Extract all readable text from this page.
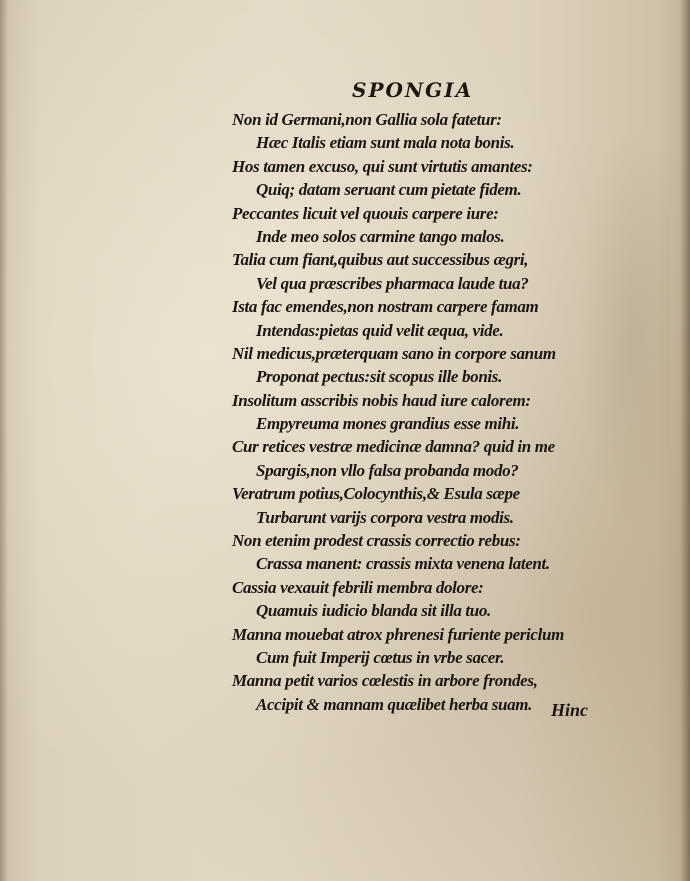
SPONGIA
Non id Germani,non Gallia sola fatetur:
Hæc Italis etiam sunt mala nota bonis.
Hos tamen excuso, qui sunt virtutis amantes:
Quiq; datam seruant cum pietate fidem.
Peccantes licuit vel quouis carpere iure:
Inde meo solos carmine tango malos.
Talia cum fiant,quibus aut successibus ægri,
Vel qua præscribes pharmaca laude tua?
Ista fac emendes,non nostram carpere famam
Intendas:pietas quid velit æqua, vide.
Nil medicus,præterquam sano in corpore sanum
Proponat pectus:sit scopus ille bonis.
Insolitum asscribis nobis haud iure calorem:
Empyreuma mones grandius esse mihi.
Cur retices vestræ medicinæ damna? quid in me
Spargis,non vllo falsa probanda modo?
Veratrum potius,Colocynthis,& Esula sæpe
Turbarunt varijs corpora vestra modis.
Non etenim prodest crassis correctio rebus:
Crassa manent: crassis mixta venena latent.
Cassia vexauit febrili membra dolore:
Quamuis iudicio blanda sit illa tuo.
Manna mouebat atrox phrenesi furiente periclum
Cum fuit Imperij cœtus in vrbe sacer.
Manna petit varios cœlestis in arbore frondes,
Accipit & mannam quælibet herba suam.	Hinc
